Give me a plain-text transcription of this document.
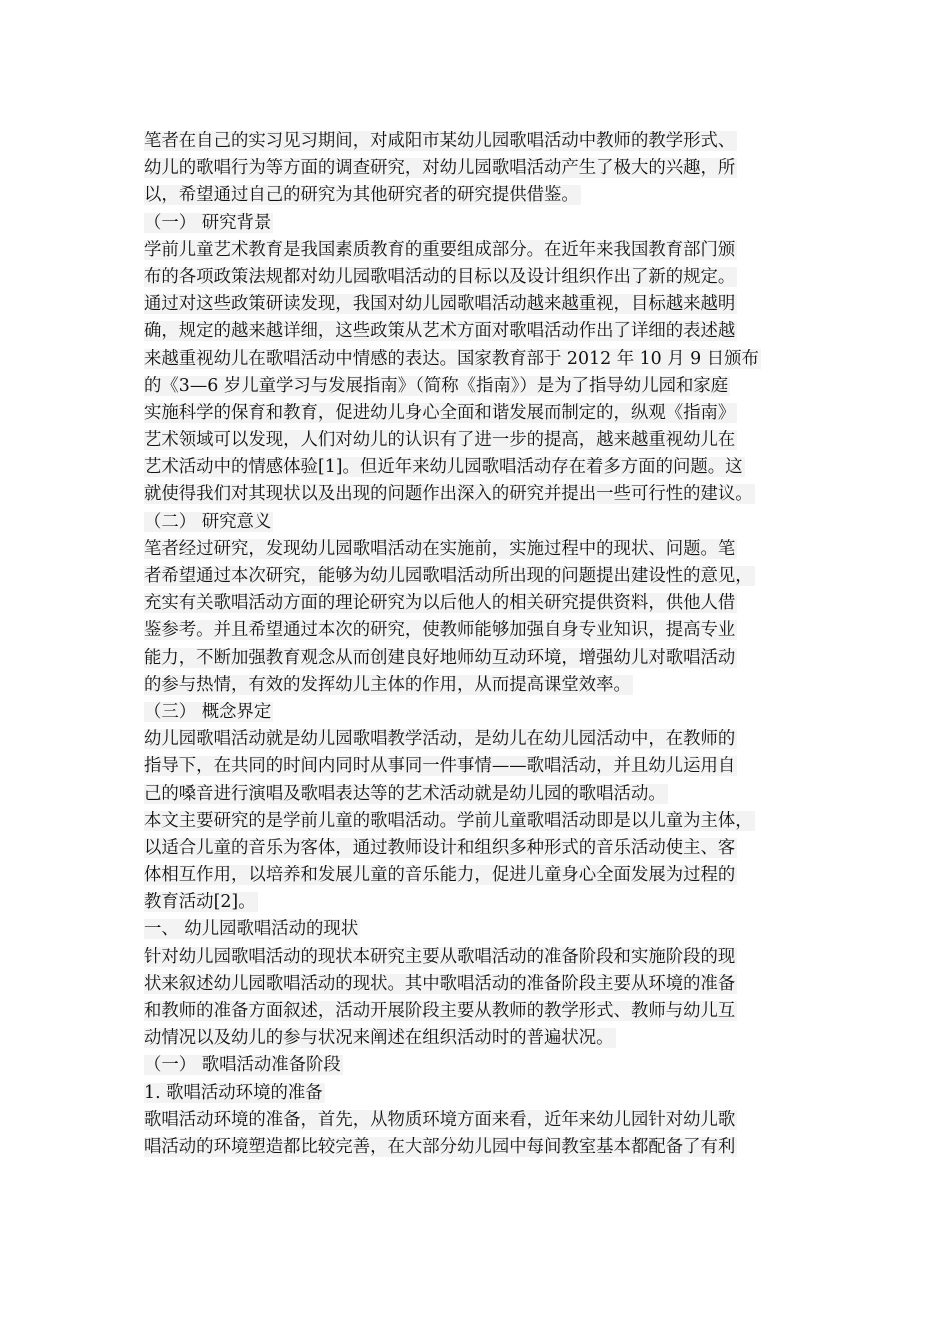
笔者在自己的实习见习期间，对咸阳市某幼儿园歌唱活动中教师的教学形式、
幼儿的歌唱行为等方面的调查研究，对幼儿园歌唱活动产生了极大的兴趣，所
以，希望通过自己的研究为其他研究者的研究提供借鉴。
（一） 研究背景
学前儿童艺术教育是我国素质教育的重要组成部分。在近年来我国教育部门颁
布的各项政策法规都对幼儿园歌唱活动的目标以及设计组织作出了新的规定。
通过对这些政策研读发现，我国对幼儿园歌唱活动越来越重视，目标越来越明
确，规定的越来越详细，这些政策从艺术方面对歌唱活动作出了详细的表述越
来越重视幼儿在歌唱活动中情感的表达。国家教育部于 2012 年 10 月 9 日颁布
的《3—6 岁儿童学习与发展指南》（简称《指南》）是为了指导幼儿园和家庭
实施科学的保育和教育，促进幼儿身心全面和谐发展而制定的，纵观《指南》
艺术领域可以发现，人们对幼儿的认识有了进一步的提高，越来越重视幼儿在
艺术活动中的情感体验[1]。但近年来幼儿园歌唱活动存在着多方面的问题。这
就使得我们对其现状以及出现的问题作出深入的研究并提出一些可行性的建议。
（二） 研究意义
笔者经过研究，发现幼儿园歌唱活动在实施前，实施过程中的现状、问题。笔
者希望通过本次研究，能够为幼儿园歌唱活动所出现的问题提出建设性的意见，
充实有关歌唱活动方面的理论研究为以后他人的相关研究提供资料，供他人借
鉴参考。并且希望通过本次的研究，使教师能够加强自身专业知识，提高专业
能力，不断加强教育观念从而创建良好地师幼互动环境，增强幼儿对歌唱活动
的参与热情，有效的发挥幼儿主体的作用，从而提高课堂效率。
（三） 概念界定
幼儿园歌唱活动就是幼儿园歌唱教学活动，是幼儿在幼儿园活动中，在教师的
指导下，在共同的时间内同时从事同一件事情——歌唱活动，并且幼儿运用自
己的嗓音进行演唱及歌唱表达等的艺术活动就是幼儿园的歌唱活动。
本文主要研究的是学前儿童的歌唱活动。学前儿童歌唱活动即是以儿童为主体，
以适合儿童的音乐为客体，通过教师设计和组织多种形式的音乐活动使主、客
体相互作用，以培养和发展儿童的音乐能力，促进儿童身心全面发展为过程的
教育活动[2]。
一、 幼儿园歌唱活动的现状
针对幼儿园歌唱活动的现状本研究主要从歌唱活动的准备阶段和实施阶段的现
状来叙述幼儿园歌唱活动的现状。其中歌唱活动的准备阶段主要从环境的准备
和教师的准备方面叙述，活动开展阶段主要从教师的教学形式、教师与幼儿互
动情况以及幼儿的参与状况来阐述在组织活动时的普遍状况。
（一） 歌唱活动准备阶段
1. 歌唱活动环境的准备
歌唱活动环境的准备，首先，从物质环境方面来看，近年来幼儿园针对幼儿歌
唱活动的环境塑造都比较完善，在大部分幼儿园中每间教室基本都配备了有利
